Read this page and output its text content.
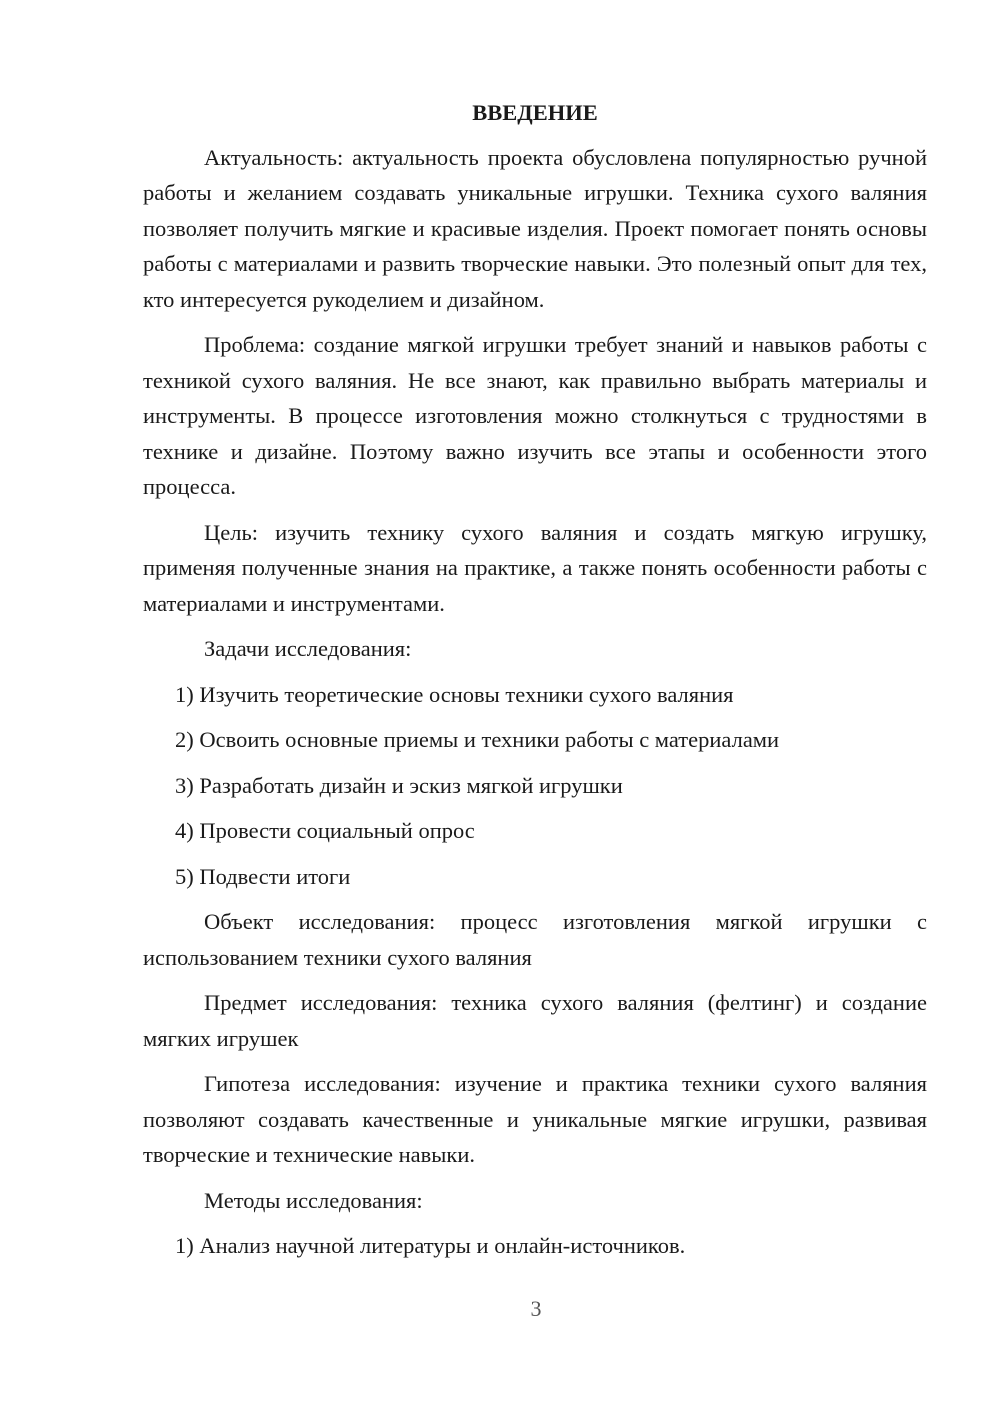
ВВЕДЕНИЕ

Актуальность: актуальность проекта обусловлена популярностью ручной работы и желанием создавать уникальные игрушки. Техника сухого валяния позволяет получить мягкие и красивые изделия. Проект помогает понять основы работы с материалами и развить творческие навыки. Это полезный опыт для тех, кто интересуется рукоделием и дизайном.

Проблема: создание мягкой игрушки требует знаний и навыков работы с техникой сухого валяния. Не все знают, как правильно выбрать материалы и инструменты. В процессе изготовления можно столкнуться с трудностями в технике и дизайне. Поэтому важно изучить все этапы и особенности этого процесса.

Цель: изучить технику сухого валяния и создать мягкую игрушку, применяя полученные знания на практике, а также понять особенности работы с материалами и инструментами.

Задачи исследования:
1) Изучить теоретические основы техники сухого валяния
2) Освоить основные приемы и техники работы с материалами
3) Разработать дизайн и эскиз мягкой игрушки
4) Провести социальный опрос
5) Подвести итоги

Объект исследования: процесс изготовления мягкой игрушки с использованием техники сухого валяния

Предмет исследования: техника сухого валяния (фелтинг) и создание мягких игрушек

Гипотеза исследования: изучение и практика техники сухого валяния позволяют создавать качественные и уникальные мягкие игрушки, развивая творческие и технические навыки.

Методы исследования:
1) Анализ научной литературы и онлайн-источников.
3
